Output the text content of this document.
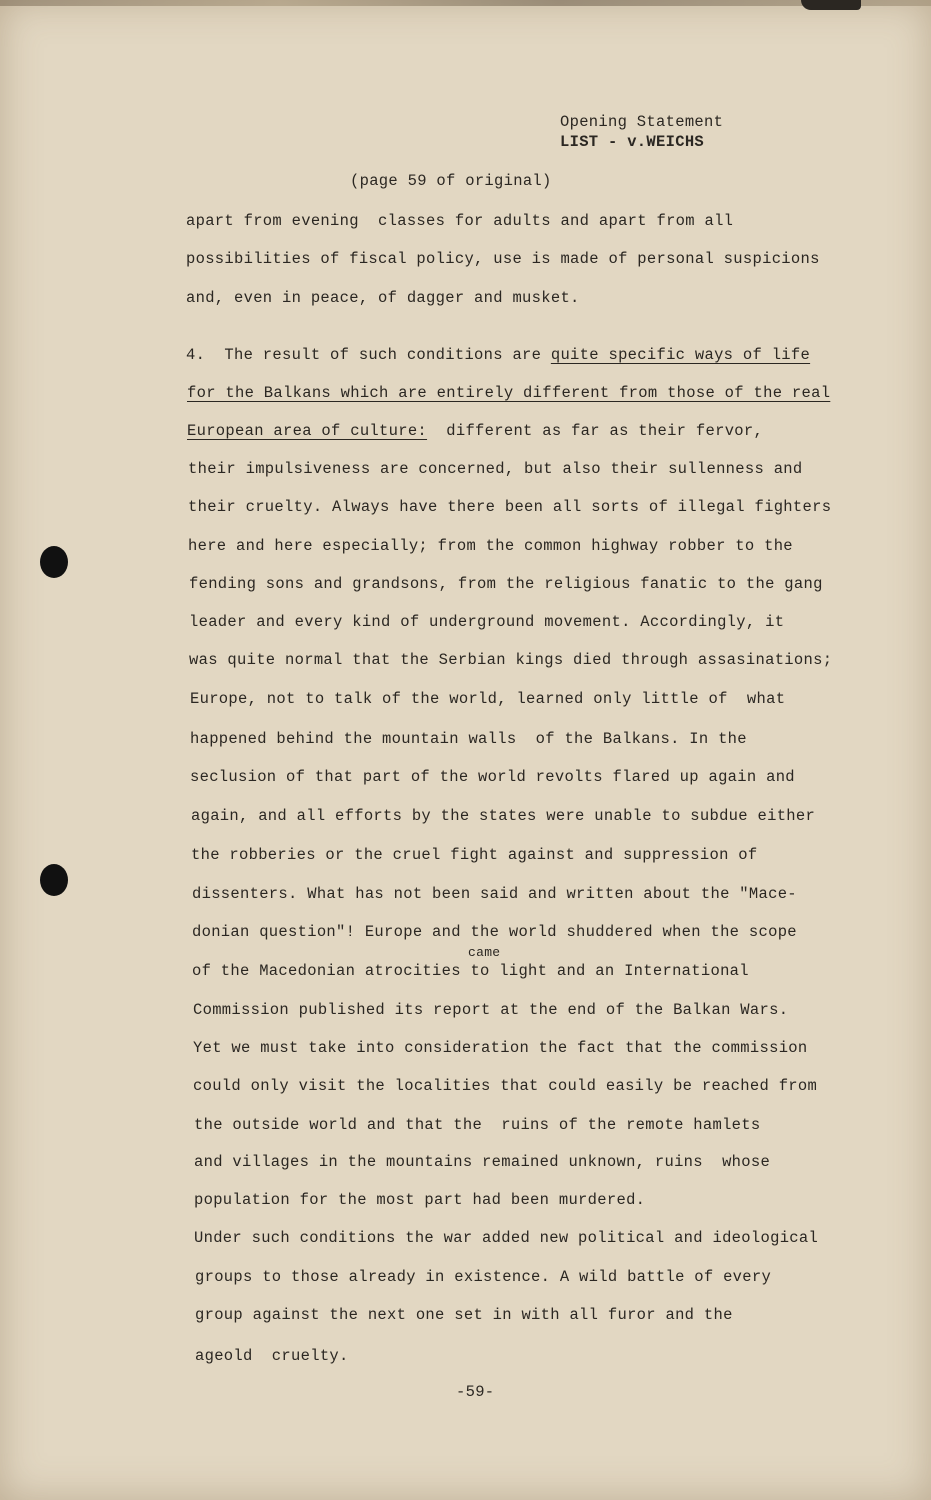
Opening Statement
LIST - v.WEICHS
(page 59 of original)
apart from evening  classes for adults and apart from all
possibilities of fiscal policy, use is made of personal suspicions
and, even in peace, of dagger and musket.
4.  The result of such conditions are quite specific ways of life
for the Balkans which are entirely different from those of the real
European area of culture:  different as far as their fervor,
their impulsiveness are concerned, but also their sullenness and
their cruelty. Always have there been all sorts of illegal fighters
here and here especially; from the common highway robber to the
fending sons and grandsons, from the religious fanatic to the gang
leader and every kind of underground movement. Accordingly, it
was quite normal that the Serbian kings died through assasinations;
Europe, not to talk of the world, learned only little of  what
happened behind the mountain walls  of the Balkans. In the
seclusion of that part of the world revolts flared up again and
again, and all efforts by the states were unable to subdue either
the robberies or the cruel fight against and suppression of
dissenters. What has not been said and written about the "Mace-
donian question"! Europe and the world shuddered when the scope
came
of the Macedonian atrocities to light and an International
Commission published its report at the end of the Balkan Wars.
Yet we must take into consideration the fact that the commission
could only visit the localities that could easily be reached from
the outside world and that the  ruins of the remote hamlets
and villages in the mountains remained unknown, ruins  whose
population for the most part had been murdered.
Under such conditions the war added new political and ideological
groups to those already in existence. A wild battle of every
group against the next one set in with all furor and the
ageold  cruelty.
-59-
